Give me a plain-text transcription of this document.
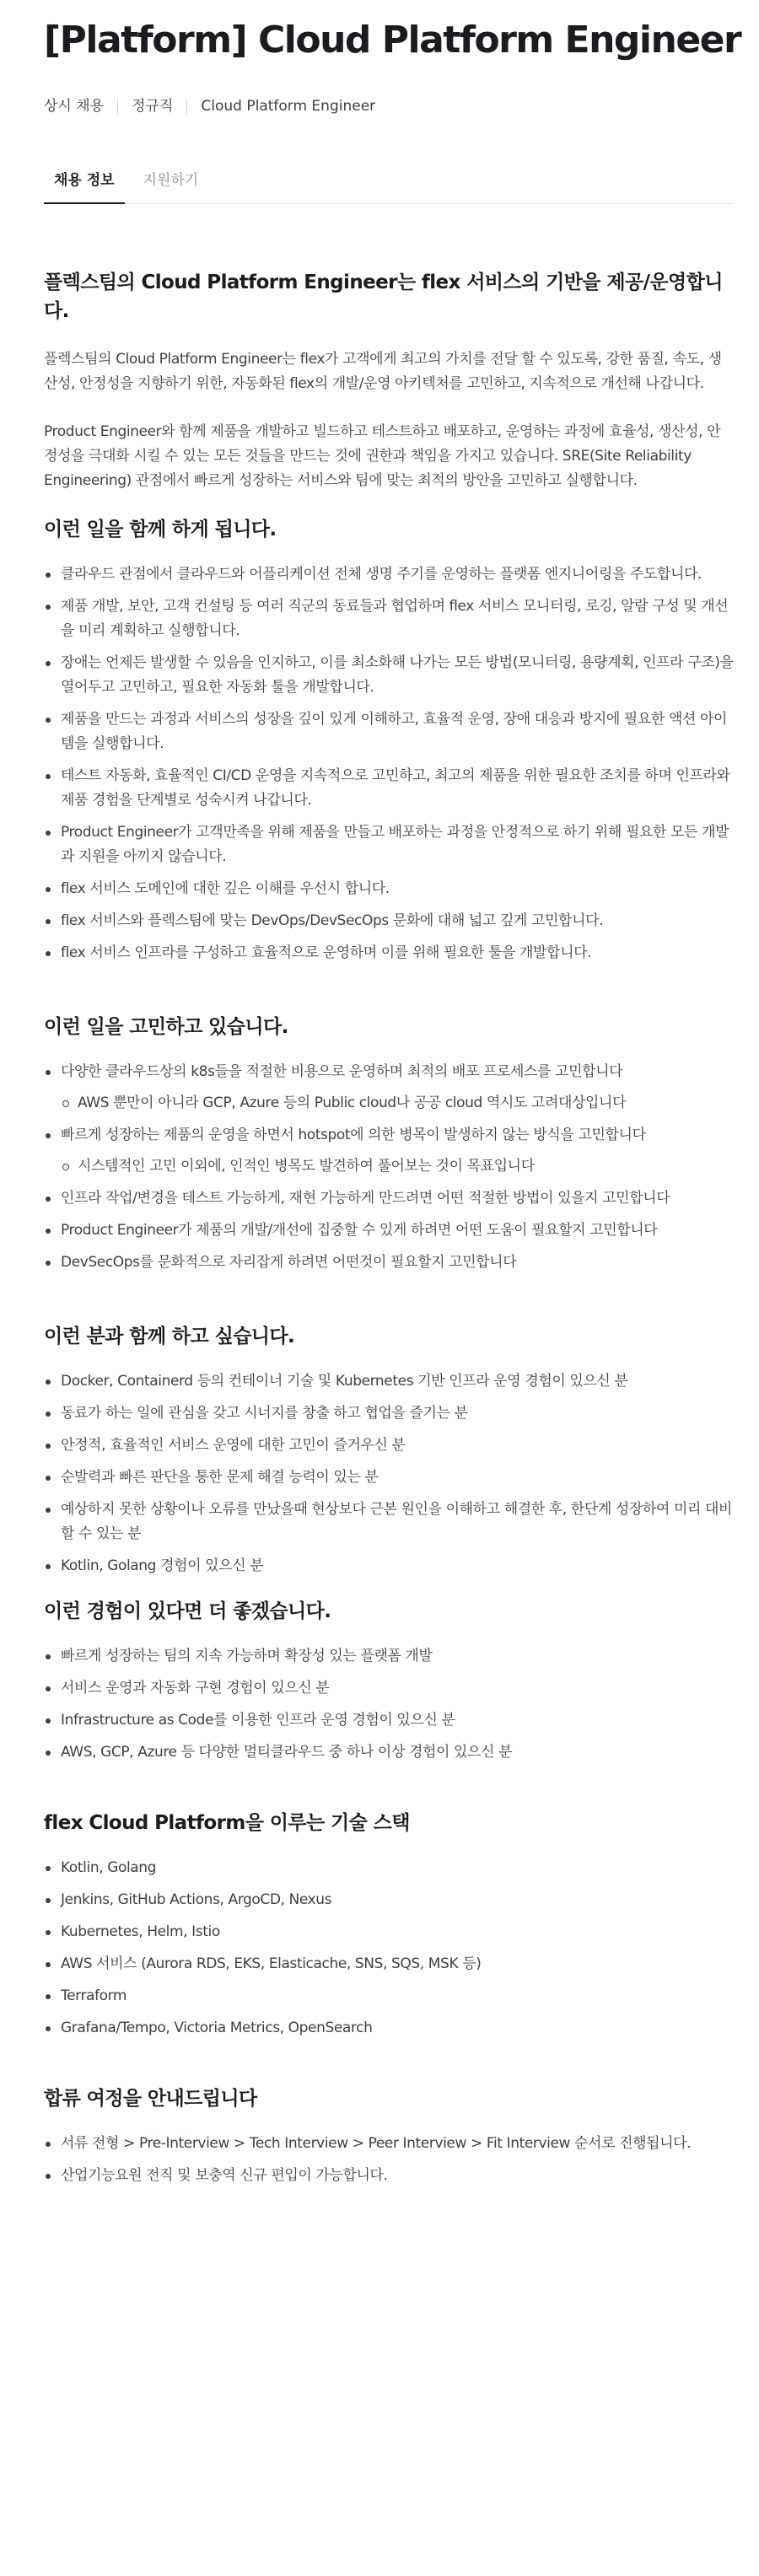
[Platform] Cloud Platform Engineer
상시 채용 정규직 Cloud Platform Engineer
채용 정보	지원하기
플렉스팀의 Cloud Platform Engineer는 flex 서비스의 기반을 제공/운영합니다.

플렉스팀의 Cloud Platform Engineer는 flex가 고객에게 최고의 가치를 전달 할 수 있도록, 강한 품질, 속도, 생산성, 안정성을 지향하기 위한, 자동화된 flex의 개발/운영 아키텍처를 고민하고, 지속적으로 개선해 나갑니다.

Product Engineer와 함께 제품을 개발하고 빌드하고 테스트하고 배포하고, 운영하는 과정에 효율성, 생산성, 안정성을 극대화 시킬 수 있는 모든 것들을 만드는 것에 권한과 책임을 가지고 있습니다. SRE(Site Reliability Engineering) 관점에서 빠르게 성장하는 서비스와 팀에 맞는 최적의 방안을 고민하고 실행합니다.

이런 일을 함께 하게 됩니다.
클라우드 관점에서 클라우드와 어플리케이션 전체 생명 주기를 운영하는 플랫폼 엔지니어링을 주도합니다.
제품 개발, 보안, 고객 컨설팅 등 여러 직군의 동료들과 협업하며 flex 서비스 모니터링, 로깅, 알람 구성 및 개선을 미리 계획하고 실행합니다.
장애는 언제든 발생할 수 있음을 인지하고, 이를 최소화해 나가는 모든 방법(모니터링, 용량계획, 인프라 구조)을 열어두고 고민하고, 필요한 자동화 툴을 개발합니다.
제품을 만드는 과정과 서비스의 성장을 깊이 있게 이해하고, 효율적 운영, 장애 대응과 방지에 필요한 액션 아이템을 실행합니다.
테스트 자동화, 효율적인 CI/CD 운영을 지속적으로 고민하고, 최고의 제품을 위한 필요한 조치를 하며 인프라와 제품 경험을 단계별로 성숙시켜 나갑니다.
Product Engineer가 고객만족을 위해 제품을 만들고 배포하는 과정을 안정적으로 하기 위해 필요한 모든 개발과 지원을 아끼지 않습니다.
flex 서비스 도메인에 대한 깊은 이해를 우선시 합니다.
flex 서비스와 플렉스팀에 맞는 DevOps/DevSecOps 문화에 대해 넓고 깊게 고민합니다.
flex 서비스 인프라를 구성하고 효율적으로 운영하며 이를 위해 필요한 툴을 개발합니다.
이런 일을 고민하고 있습니다.
다양한 클라우드상의 k8s들을 적절한 비용으로 운영하며 최적의 배포 프로세스를 고민합니다
AWS 뿐만이 아니라 GCP, Azure 등의 Public cloud나 공공 cloud 역시도 고려대상입니다
빠르게 성장하는 제품의 운영을 하면서 hotspot에 의한 병목이 발생하지 않는 방식을 고민합니다
시스템적인 고민 이외에, 인적인 병목도 발견하여 풀어보는 것이 목표입니다
인프라 작업/변경을 테스트 가능하게, 재현 가능하게 만드려면 어떤 적절한 방법이 있을지 고민합니다
Product Engineer가 제품의 개발/개선에 집중할 수 있게 하려면 어떤 도움이 필요할지 고민합니다
DevSecOps를 문화적으로 자리잡게 하려면 어떤것이 필요할지 고민합니다
이런 분과 함께 하고 싶습니다.
Docker, Containerd 등의 컨테이너 기술 및 Kubernetes 기반 인프라 운영 경험이 있으신 분
동료가 하는 일에 관심을 갖고 시너지를 창출 하고 협업을 즐기는 분
안정적, 효율적인 서비스 운영에 대한 고민이 즐거우신 분
순발력과 빠른 판단을 통한 문제 해결 능력이 있는 분
예상하지 못한 상황이나 오류를 만났을때 현상보다 근본 원인을 이해하고 해결한 후, 한단계 성장하여 미리 대비할 수 있는 분
Kotlin, Golang 경험이 있으신 분
이런 경험이 있다면 더 좋겠습니다.
빠르게 성장하는 팀의 지속 가능하며 확장성 있는 플랫폼 개발
서비스 운영과 자동화 구현 경험이 있으신 분
Infrastructure as Code를 이용한 인프라 운영 경험이 있으신 분
AWS, GCP, Azure 등 다양한 멀티클라우드 중 하나 이상 경험이 있으신 분
flex Cloud Platform을 이루는 기술 스택
Kotlin, Golang
Jenkins, GitHub Actions, ArgoCD, Nexus
Kubernetes, Helm, Istio
AWS 서비스 (Aurora RDS, EKS, Elasticache, SNS, SQS, MSK 등)
Terraform
Grafana/Tempo, Victoria Metrics, OpenSearch
합류 여정을 안내드립니다
서류 전형 > Pre-Interview > Tech Interview > Peer Interview > Fit Interview 순서로 진행됩니다.
산업기능요원 전직 및 보충역 신규 편입이 가능합니다.
